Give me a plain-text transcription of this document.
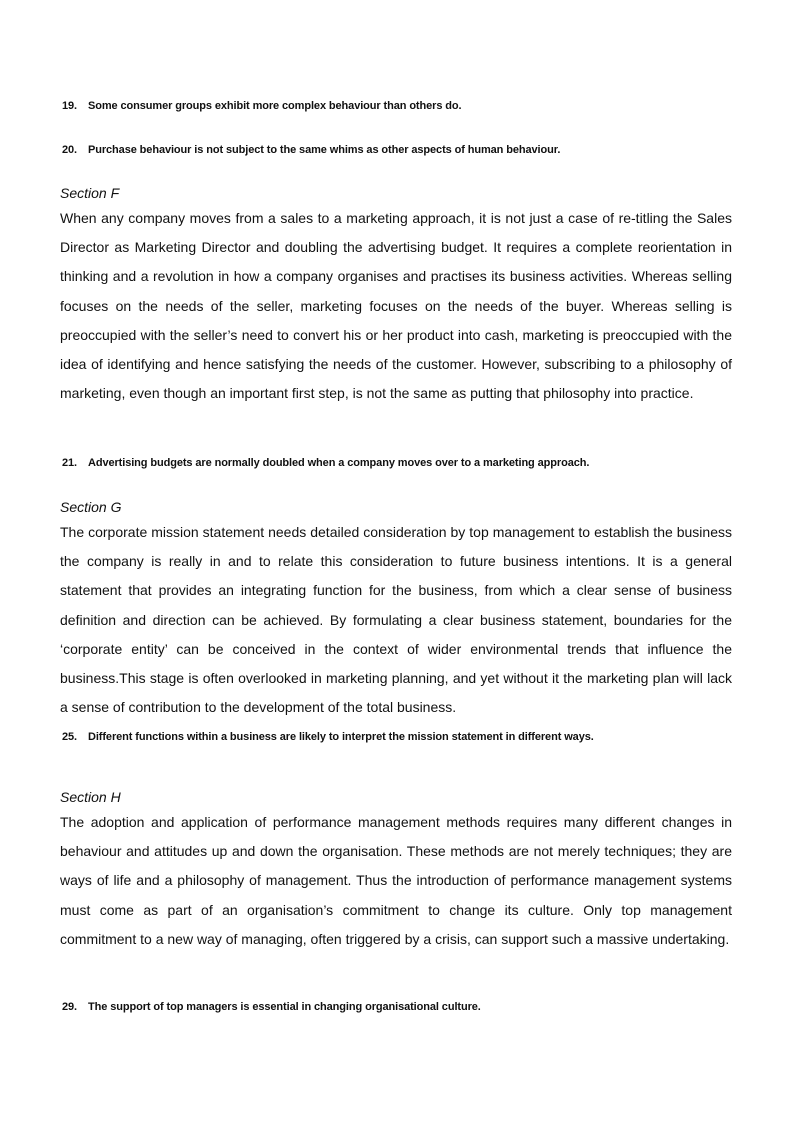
19. Some consumer groups exhibit more complex behaviour than others do.

20. Purchase behaviour is not subject to the same whims as other aspects of human behaviour.

Section F

When any company moves from a sales to a marketing approach, it is not just a case of re-titling the Sales Director as Marketing Director and doubling the advertising budget. It requires a complete reorientation in thinking and a revolution in how a company organises and practises its business activities. Whereas selling focuses on the needs of the seller, marketing focuses on the needs of the buyer. Whereas selling is preoccupied with the seller’s need to convert his or her product into cash, marketing is preoccupied with the idea of identifying and hence satisfying the needs of the customer. However, subscribing to a philosophy of marketing, even though an important first step, is not the same as putting that philosophy into practice.

21. Advertising budgets are normally doubled when a company moves over to a marketing approach.

Section G

The corporate mission statement needs detailed consideration by top management to establish the business the company is really in and to relate this consideration to future business intentions. It is a general statement that provides an integrating function for the business, from which a clear sense of business definition and direction can be achieved. By formulating a clear business statement, boundaries for the ‘corporate entity’ can be conceived in the context of wider environmental trends that influence the business.This stage is often overlooked in marketing planning, and yet without it the marketing plan will lack a sense of contribution to the development of the total business.

25. Different functions within a business are likely to interpret the mission statement in different ways.

Section H

The adoption and application of performance management methods requires many different changes in behaviour and attitudes up and down the organisation. These methods are not merely techniques; they are ways of life and a philosophy of management. Thus the introduction of performance management systems must come as part of an organisation’s commitment to change its culture. Only top management commitment to a new way of managing, often triggered by a crisis, can support such a massive undertaking.

29. The support of top managers is essential in changing organisational culture.
